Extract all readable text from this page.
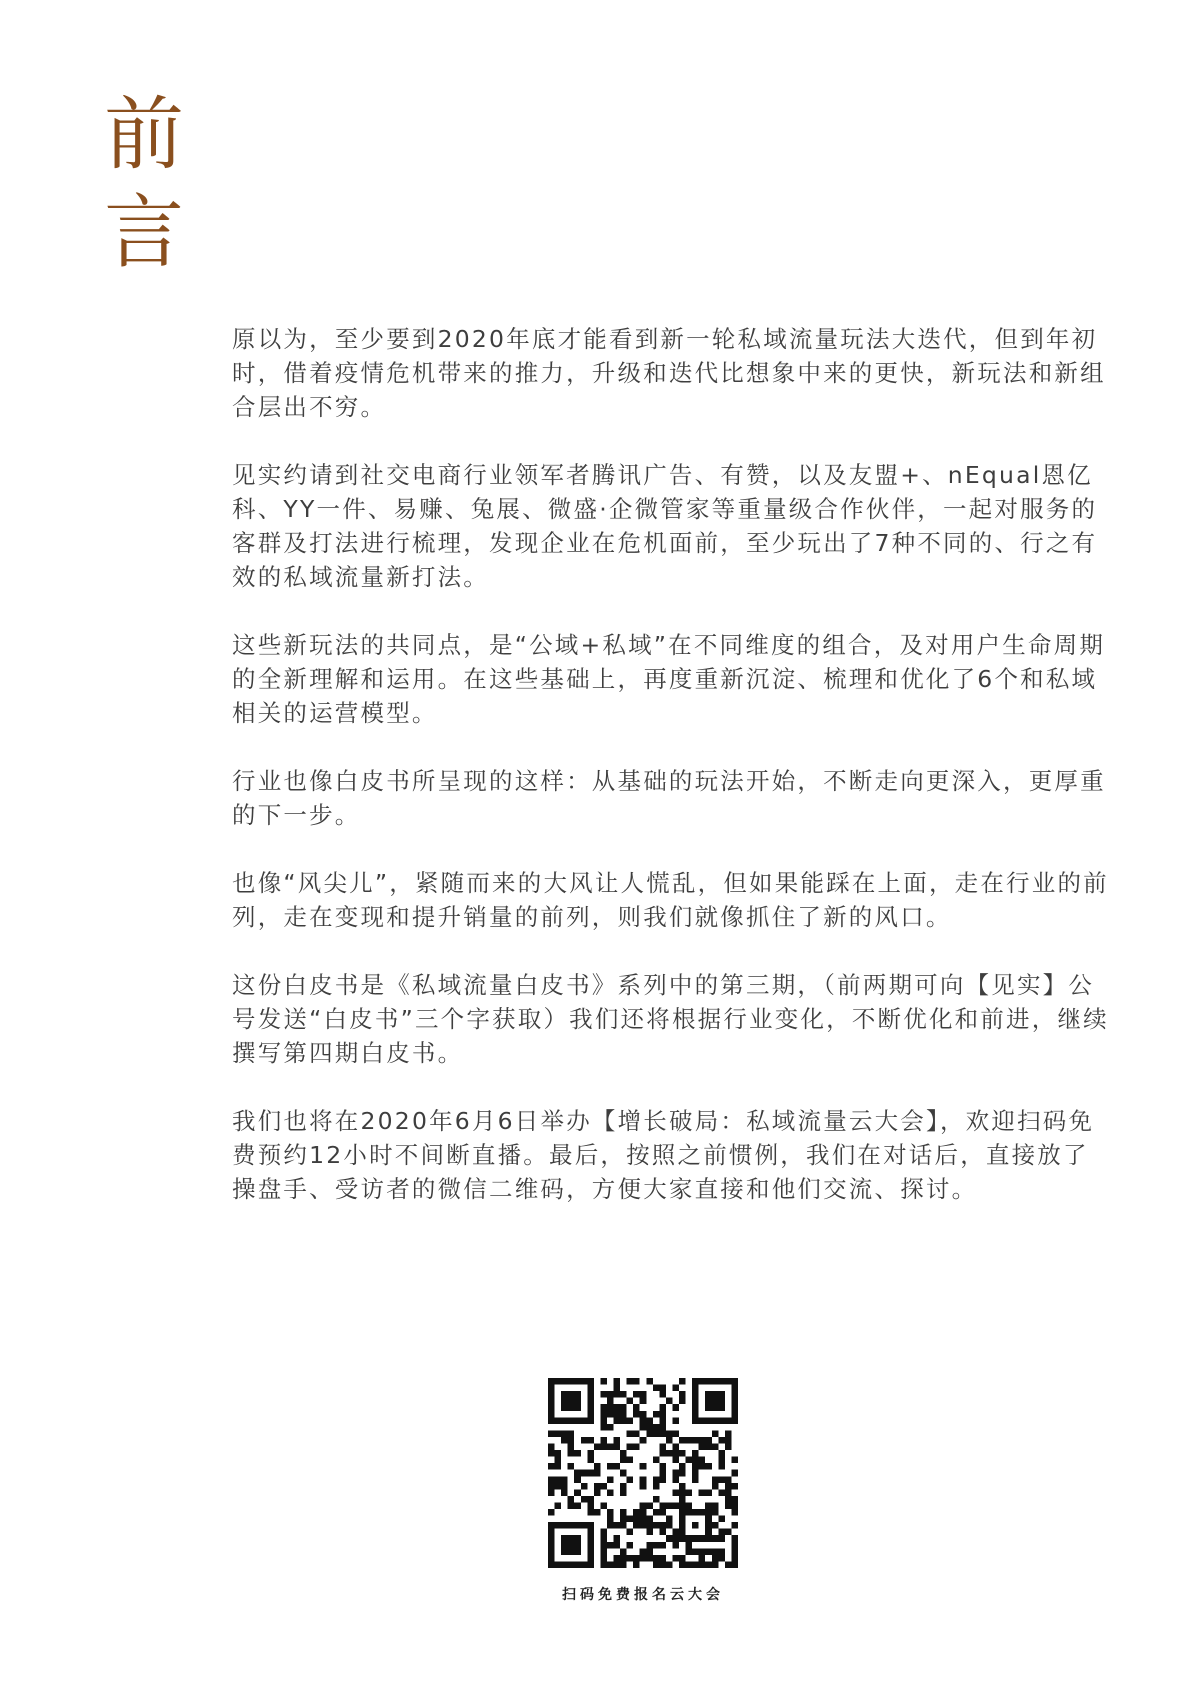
前
言

原以为，至少要到2020年底才能看到新一轮私域流量玩法大迭代，但到年初时，借着疫情危机带来的推力，升级和迭代比想象中来的更快，新玩法和新组合层出不穷。

见实约请到社交电商行业领军者腾讯广告、有赞，以及友盟+、nEqual恩亿科、YY一件、易赚、兔展、微盛·企微管家等重量级合作伙伴，一起对服务的客群及打法进行梳理，发现企业在危机面前，至少玩出了7种不同的、行之有效的私域流量新打法。

这些新玩法的共同点，是“公域+私域”在不同维度的组合，及对用户生命周期的全新理解和运用。在这些基础上，再度重新沉淀、梳理和优化了6个和私域相关的运营模型。

行业也像白皮书所呈现的这样：从基础的玩法开始，不断走向更深入，更厚重的下一步。

也像“风尖儿”，紧随而来的大风让人慌乱，但如果能踩在上面，走在行业的前列，走在变现和提升销量的前列，则我们就像抓住了新的风口。

这份白皮书是《私域流量白皮书》系列中的第三期，（前两期可向【见实】公号发送“白皮书”三个字获取）我们还将根据行业变化，不断优化和前进，继续撰写第四期白皮书。

我们也将在2020年6月6日举办【增长破局：私域流量云大会】，欢迎扫码免费预约12小时不间断直播。最后，按照之前惯例，我们在对话后，直接放了操盘手、受访者的微信二维码，方便大家直接和他们交流、探讨。

扫码免费报名云大会
